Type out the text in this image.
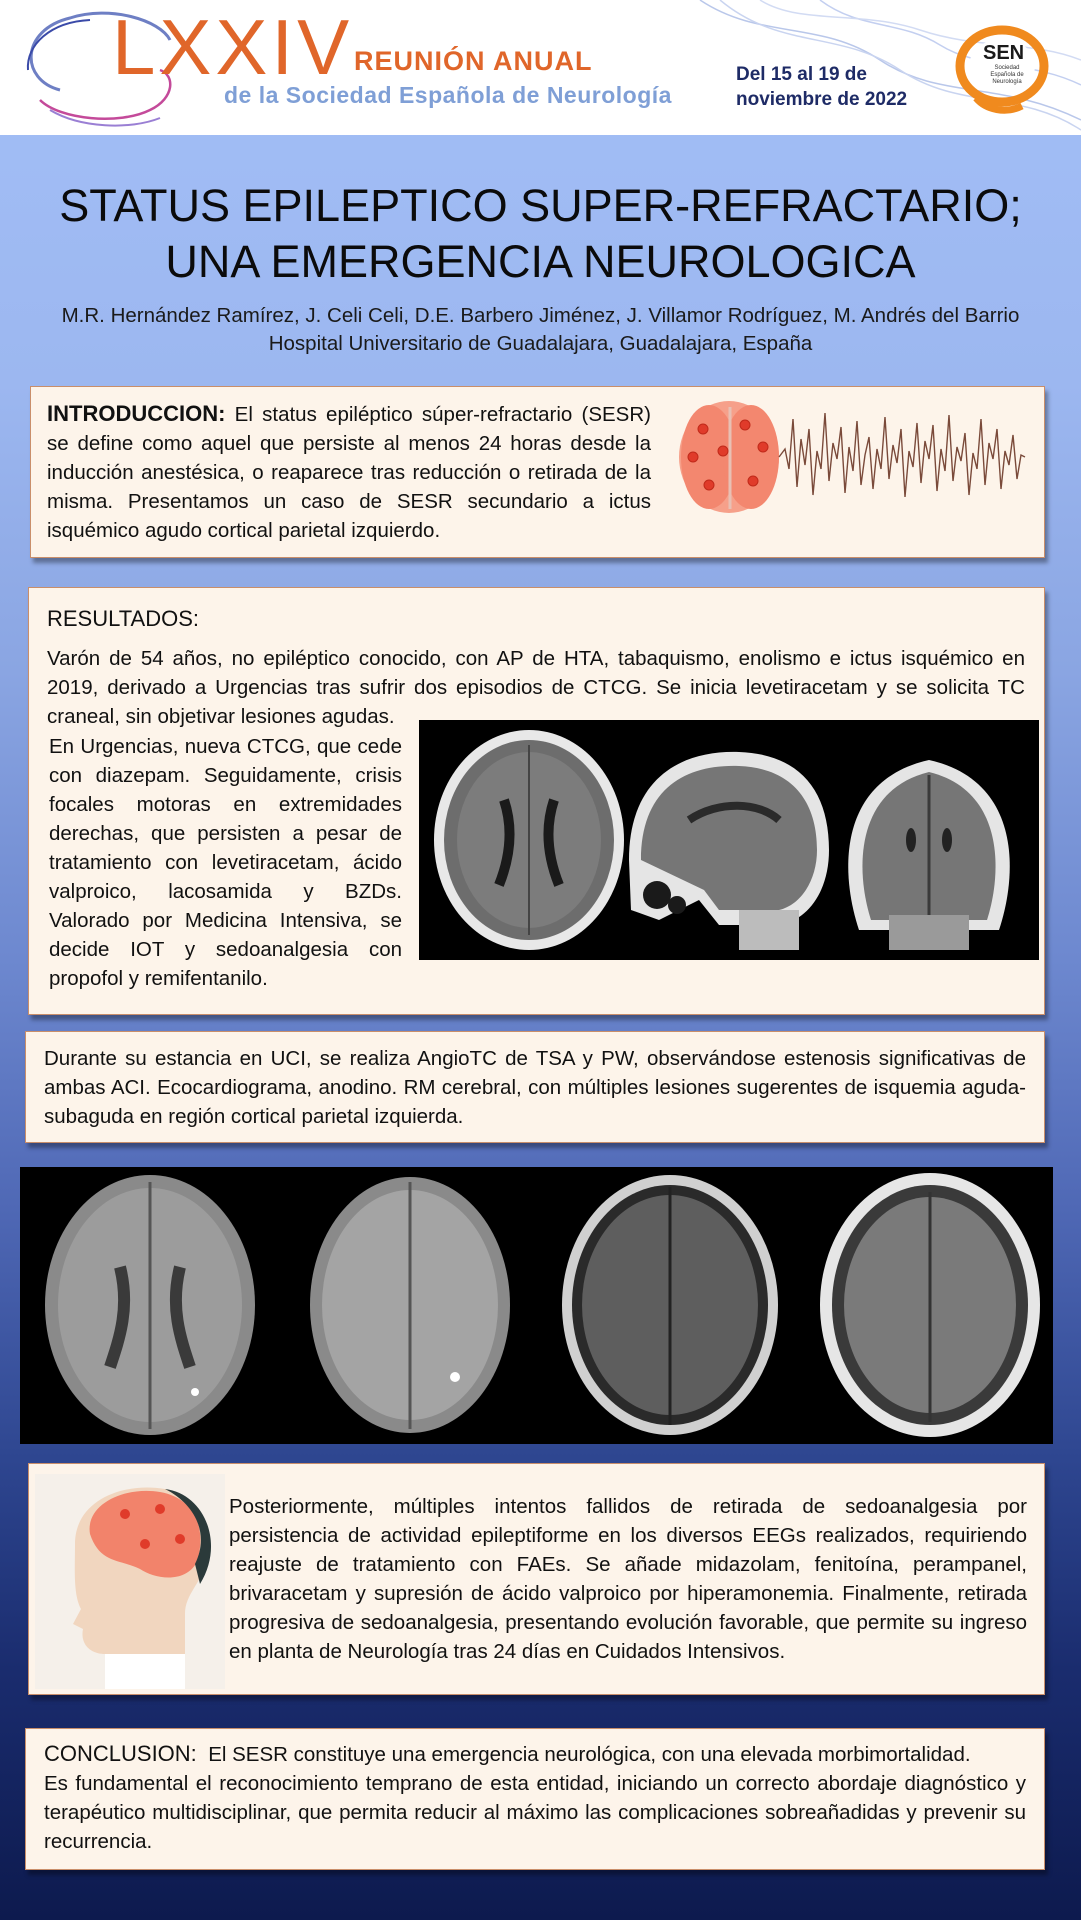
LXXIV REUNIÓN ANUAL
de la Sociedad Española de Neurología
Del 15 al 19 de
noviembre de 2022
SEN
Sociedad Española de Neurología
STATUS EPILEPTICO SUPER-REFRACTARIO;
UNA EMERGENCIA NEUROLOGICA
M.R. Hernández Ramírez, J. Celi Celi, D.E. Barbero Jiménez, J. Villamor Rodríguez, M. Andrés del Barrio
Hospital Universitario de Guadalajara, Guadalajara, España
INTRODUCCION: El status epiléptico súper-refractario (SESR) se define como aquel que persiste al menos 24 horas desde la inducción anestésica, o reaparece tras reducción o retirada de la misma. Presentamos un caso de SESR secundario a ictus isquémico agudo cortical parietal izquierdo.
RESULTADOS:
Varón de 54 años, no epiléptico conocido, con AP de HTA, tabaquismo, enolismo e ictus isquémico en 2019, derivado a Urgencias tras sufrir dos episodios de CTCG. Se inicia levetiracetam y se solicita TC craneal, sin objetivar lesiones agudas.
En Urgencias, nueva CTCG, que cede con diazepam. Seguidamente, crisis focales motoras en extremidades derechas, que persisten a pesar de tratamiento con levetiracetam, ácido valproico, lacosamida y BZDs. Valorado por Medicina Intensiva, se decide IOT y sedoanalgesia con propofol y remifentanilo.
Durante su estancia en UCI, se realiza AngioTC de TSA y PW, observándose estenosis significativas de ambas ACI. Ecocardiograma, anodino. RM cerebral, con múltiples lesiones sugerentes de isquemia aguda-subaguda en región cortical parietal izquierda.
Posteriormente, múltiples intentos fallidos de retirada de sedoanalgesia por persistencia de actividad epileptiforme en los diversos EEGs realizados, requiriendo reajuste de tratamiento con FAEs. Se añade midazolam, fenitoína, perampanel, brivaracetam y supresión de ácido valproico por hiperamonemia. Finalmente, retirada progresiva de sedoanalgesia, presentando evolución favorable, que permite su ingreso en planta de Neurología tras 24 días en Cuidados Intensivos.
CONCLUSION: El SESR constituye una emergencia neurológica, con una elevada morbimortalidad.
Es fundamental el reconocimiento temprano de esta entidad, iniciando un correcto abordaje diagnóstico y terapéutico multidisciplinar, que permita reducir al máximo las complicaciones sobreañadidas y prevenir su recurrencia.
